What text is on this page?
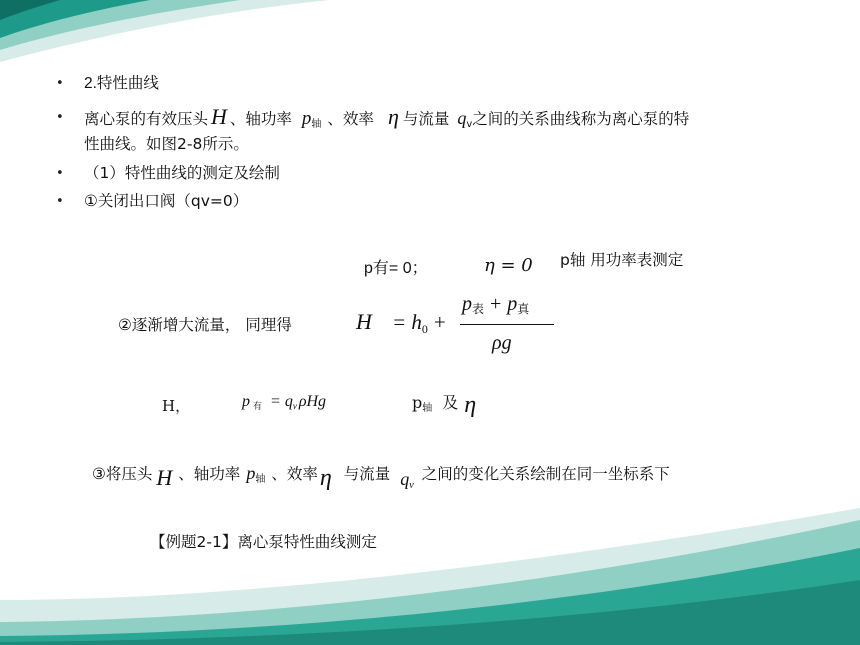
• 2.特性曲线
• 离心泵的有效压头 H 、轴功率 $p_轴$ 、效率 η 与流量 $q_v$之间的关系曲线称为离心泵的特
性曲线。如图2-8所示。
• （1）特性曲线的测定及绘制
• ①关闭出口阀（qv=0）
p有= 0；	η = 0 p轴 用功率表测定
②逐渐增大流量， 同理得	H = h0 +
$p_表 + p_真$
ρg
H，	p $_有 = q_v$ ρHg	$p_轴$ 及 η
③将压头 H 、轴功率 $p_轴$ 、效率η 与流量 $q_v$之间的变化关系绘制在同一坐标系下
【例题2-1】离心泵特性曲线测定
